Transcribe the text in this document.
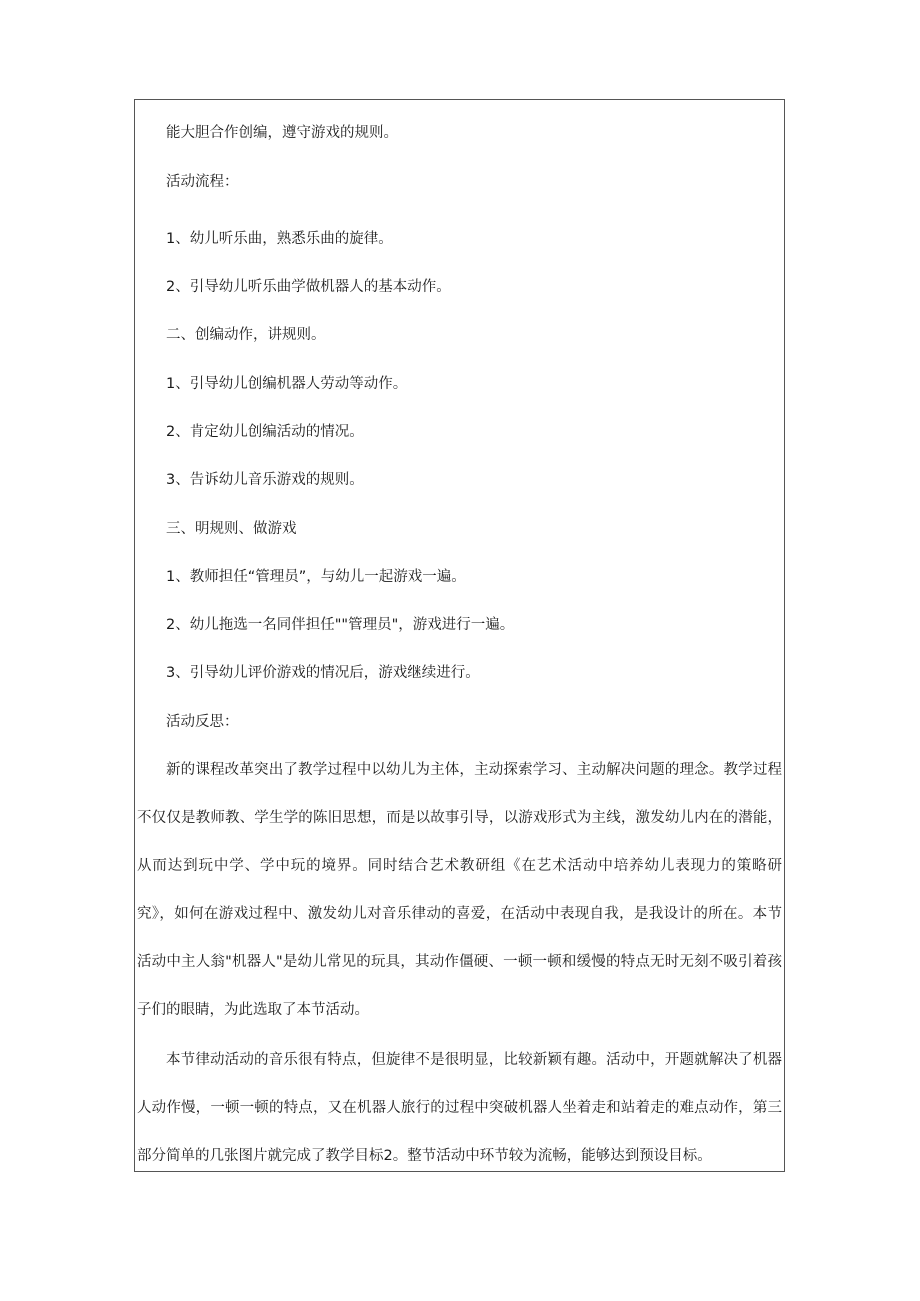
能大胆合作创编，遵守游戏的规则。
活动流程：
1、幼儿听乐曲，熟悉乐曲的旋律。
2、引导幼儿听乐曲学做机器人的基本动作。
二、创编动作，讲规则。
1、引导幼儿创编机器人劳动等动作。
2、肯定幼儿创编活动的情况。
3、告诉幼儿音乐游戏的规则。
三、明规则、做游戏
1、教师担任“管理员”，与幼儿一起游戏一遍。
2、幼儿拖选一名同伴担任""管理员"，游戏进行一遍。
3、引导幼儿评价游戏的情况后，游戏继续进行。
活动反思：

新的课程改革突出了教学过程中以幼儿为主体，主动探索学习、主动解决问题的理念。教学过程不仅仅是教师教、学生学的陈旧思想，而是以故事引导，以游戏形式为主线，激发幼儿内在的潜能，从而达到玩中学、学中玩的境界。同时结合艺术教研组《在艺术活动中培养幼儿表现力的策略研究》，如何在游戏过程中、激发幼儿对音乐律动的喜爱，在活动中表现自我，是我设计的所在。本节活动中主人翁"机器人"是幼儿常见的玩具，其动作僵硬、一顿一顿和缓慢的特点无时无刻不吸引着孩子们的眼睛，为此选取了本节活动。

本节律动活动的音乐很有特点，但旋律不是很明显，比较新颖有趣。活动中，开题就解决了机器人动作慢，一顿一顿的特点，又在机器人旅行的过程中突破机器人坐着走和站着走的难点动作，第三部分简单的几张图片就完成了教学目标2。整节活动中环节较为流畅，能够达到预设目标。
